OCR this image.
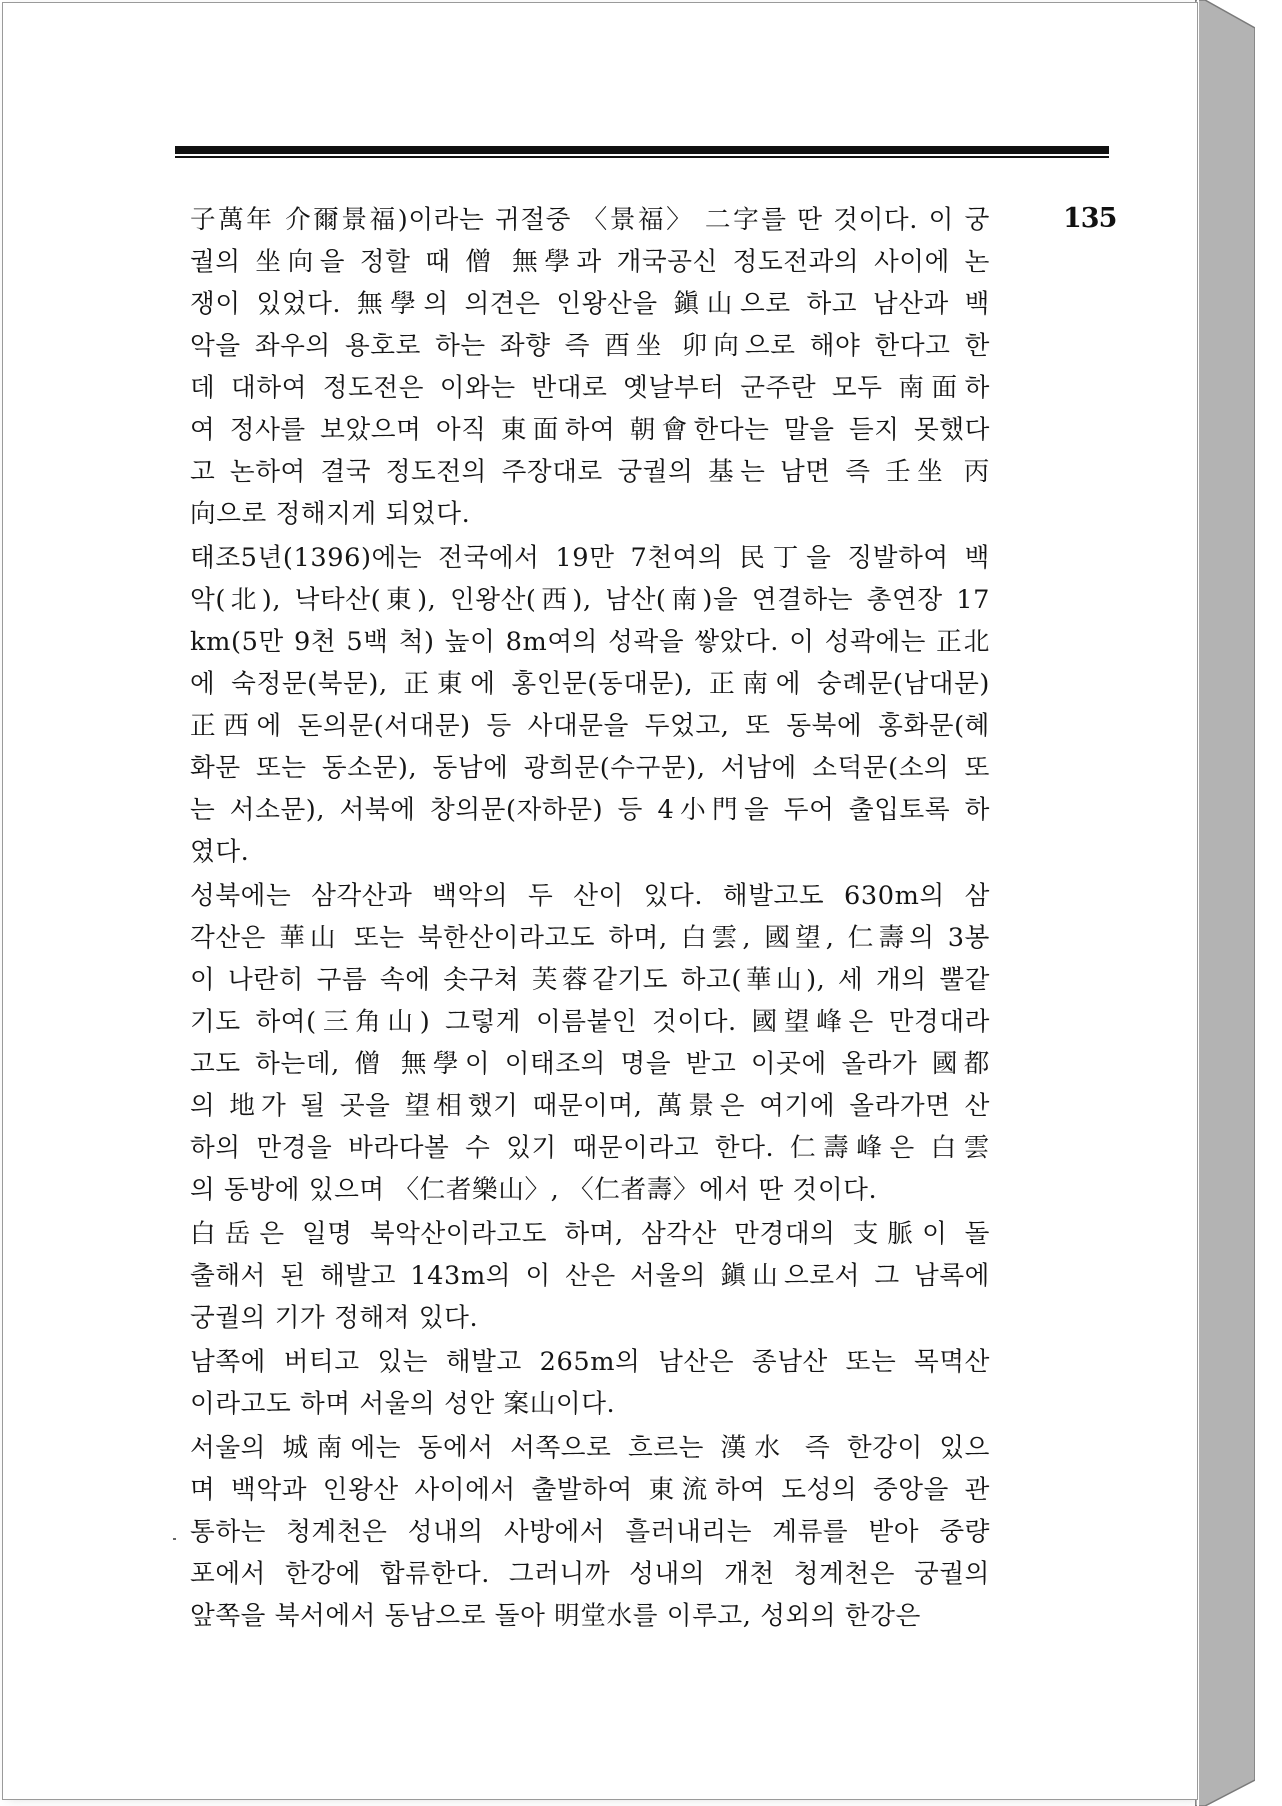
135
子萬年 介爾景福)이라는 귀절중 〈景福〉 二字를 딴 것이다. 이 궁
궐의 坐向을 정할 때 僧 無學과 개국공신 정도전과의 사이에 논
쟁이 있었다. 無學의 의견은 인왕산을 鎭山으로 하고 남산과 백
악을 좌우의 용호로 하는 좌향 즉 酉坐 卯向으로 해야 한다고 한
데 대하여 정도전은 이와는 반대로 옛날부터 군주란 모두 南面하
여 정사를 보았으며 아직 東面하여 朝會한다는 말을 듣지 못했다
고 논하여 결국 정도전의 주장대로 궁궐의 基는 남면 즉 壬坐 丙
向으로 정해지게 되었다.
태조5년(1396)에는 전국에서 19만 7천여의 民丁을 징발하여 백
악(北), 낙타산(東), 인왕산(西), 남산(南)을 연결하는 총연장 17
km(5만 9천 5백 척) 높이 8m여의 성곽을 쌓았다. 이 성곽에는 正北
에 숙정문(북문), 正東에 홍인문(동대문), 正南에 숭례문(남대문)
正西에 돈의문(서대문) 등 사대문을 두었고, 또 동북에 홍화문(혜
화문 또는 동소문), 동남에 광희문(수구문), 서남에 소덕문(소의 또
는 서소문), 서북에 창의문(자하문) 등 4小門을 두어 출입토록 하
였다.
성북에는 삼각산과 백악의 두 산이 있다. 해발고도 630m의 삼
각산은 華山 또는 북한산이라고도 하며, 白雲, 國望, 仁壽의 3봉
이 나란히 구름 속에 솟구쳐 芙蓉같기도 하고(華山), 세 개의 뿔같
기도 하여(三角山) 그렇게 이름붙인 것이다. 國望峰은 만경대라
고도 하는데, 僧 無學이 이태조의 명을 받고 이곳에 올라가 國都
의 地가 될 곳을 望相했기 때문이며, 萬景은 여기에 올라가면 산
하의 만경을 바라다볼 수 있기 때문이라고 한다. 仁壽峰은 白雲
의 동방에 있으며 〈仁者樂山〉, 〈仁者壽〉에서 딴 것이다.
白岳은 일명 북악산이라고도 하며, 삼각산 만경대의 支脈이 돌
출해서 된 해발고 143m의 이 산은 서울의 鎭山으로서 그 남록에
궁궐의 기가 정해져 있다.
남쪽에 버티고 있는 해발고 265m의 남산은 종남산 또는 목멱산
이라고도 하며 서울의 성안 案山이다.
서울의 城南에는 동에서 서쪽으로 흐르는 漢水 즉 한강이 있으
며 백악과 인왕산 사이에서 출발하여 東流하여 도성의 중앙을 관
통하는 청계천은 성내의 사방에서 흘러내리는 계류를 받아 중량
포에서 한강에 합류한다. 그러니까 성내의 개천 청계천은 궁궐의
앞쪽을 북서에서 동남으로 돌아 明堂水를 이루고, 성외의 한강은
